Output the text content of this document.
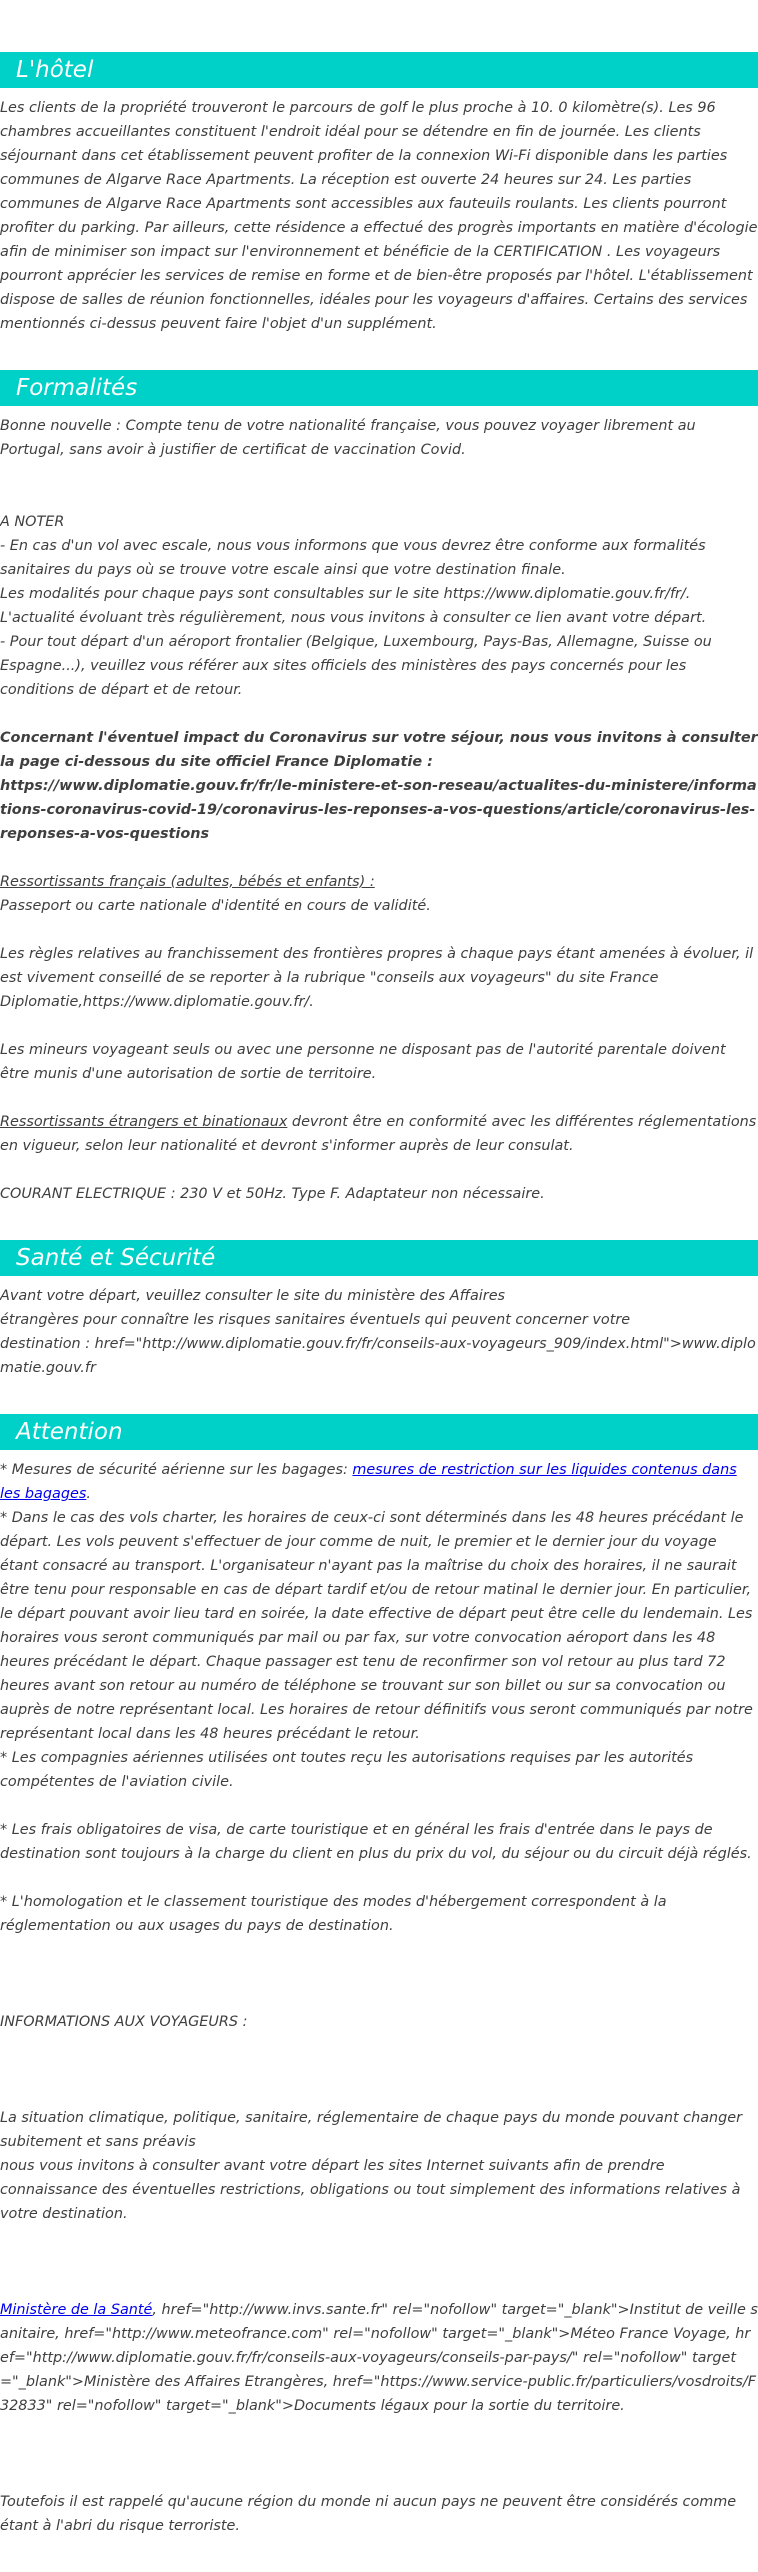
L'hôtel

Les clients de la propriété trouveront le parcours de golf le plus proche à 10. 0 kilomètre(s). Les 96 chambres accueillantes constituent l'endroit idéal pour se détendre en fin de journée. Les clients séjournant dans cet établissement peuvent profiter de la connexion Wi-Fi disponible dans les parties communes de Algarve Race Apartments. La réception est ouverte 24 heures sur 24. Les parties communes de Algarve Race Apartments sont accessibles aux fauteuils roulants. Les clients pourront profiter du parking. Par ailleurs, cette résidence a effectué des progrès importants en matière d'écologie afin de minimiser son impact sur l'environnement et bénéficie de la CERTIFICATION . Les voyageurs pourront apprécier les services de remise en forme et de bien-être proposés par l'hôtel. L'établissement dispose de salles de réunion fonctionnelles, idéales pour les voyageurs d'affaires. Certains des services mentionnés ci-dessus peuvent faire l'objet d'un supplément.

Formalités

Bonne nouvelle : Compte tenu de votre nationalité française, vous pouvez voyager librement au Portugal, sans avoir à justifier de certificat de vaccination Covid.

A NOTER

- En cas d'un vol avec escale, nous vous informons que vous devrez être conforme aux formalités sanitaires du pays où se trouve votre escale ainsi que votre destination finale.

Les modalités pour chaque pays sont consultables sur le site https://www.diplomatie.gouv.fr/fr/. L'actualité évoluant très régulièrement, nous vous invitons à consulter ce lien avant votre départ.

- Pour tout départ d'un aéroport frontalier (Belgique, Luxembourg, Pays-Bas, Allemagne, Suisse ou Espagne...), veuillez vous référer aux sites officiels des ministères des pays concernés pour les conditions de départ et de retour.

Concernant l'éventuel impact du Coronavirus sur votre séjour, nous vous invitons à consulter la page ci-dessous du site officiel France Diplomatie :

https://www.diplomatie.gouv.fr/fr/le-ministere-et-son-reseau/actualites-du-ministere/informations-coronavirus-covid-19/coronavirus-les-reponses-a-vos-questions/article/coronavirus-les-reponses-a-vos-questions

Ressortissants français (adultes, bébés et enfants) :

Passeport ou carte nationale d'identité en cours de validité.

Les règles relatives au franchissement des frontières propres à chaque pays étant amenées à évoluer, il est vivement conseillé de se reporter à la rubrique "conseils aux voyageurs" du site France Diplomatie,https://www.diplomatie.gouv.fr/.

Les mineurs voyageant seuls ou avec une personne ne disposant pas de l'autorité parentale doivent être munis d'une autorisation de sortie de territoire.

Ressortissants étrangers et binationaux devront être en conformité avec les différentes réglementations en vigueur, selon leur nationalité et devront s'informer auprès de leur consulat.

COURANT ELECTRIQUE : 230 V et 50Hz. Type F. Adaptateur non nécessaire.

Santé et Sécurité

Avant votre départ, veuillez consulter le site du ministère des Affaires

étrangères pour connaître les risques sanitaires éventuels qui peuvent concerner votre

destination : href="http://www.diplomatie.gouv.fr/fr/conseils-aux-voyageurs_909/index.html">www.diplomatie.gouv.fr

Attention

* Mesures de sécurité aérienne sur les bagages: mesures de restriction sur les liquides contenus dans les bagages.

* Dans le cas des vols charter, les horaires de ceux-ci sont déterminés dans les 48 heures précédant le départ. Les vols peuvent s'effectuer de jour comme de nuit, le premier et le dernier jour du voyage étant consacré au transport. L'organisateur n'ayant pas la maîtrise du choix des horaires, il ne saurait être tenu pour responsable en cas de départ tardif et/ou de retour matinal le dernier jour. En particulier, le départ pouvant avoir lieu tard en soirée, la date effective de départ peut être celle du lendemain. Les horaires vous seront communiqués par mail ou par fax, sur votre convocation aéroport dans les 48 heures précédant le départ. Chaque passager est tenu de reconfirmer son vol retour au plus tard 72 heures avant son retour au numéro de téléphone se trouvant sur son billet ou sur sa convocation ou auprès de notre représentant local. Les horaires de retour définitifs vous seront communiqués par notre représentant local dans les 48 heures précédant le retour.

* Les compagnies aériennes utilisées ont toutes reçu les autorisations requises par les autorités compétentes de l'aviation civile.

* Les frais obligatoires de visa, de carte touristique et en général les frais d'entrée dans le pays de destination sont toujours à la charge du client en plus du prix du vol, du séjour ou du circuit déjà réglés.

* L'homologation et le classement touristique des modes d'hébergement correspondent à la réglementation ou aux usages du pays de destination.

INFORMATIONS AUX VOYAGEURS :

La situation climatique, politique, sanitaire, réglementaire de chaque pays du monde pouvant changer subitement et sans préavis

nous vous invitons à consulter avant votre départ les sites Internet suivants afin de prendre connaissance des éventuelles restrictions, obligations ou tout simplement des informations relatives à votre destination.

Ministère de la Santé, href="http://www.invs.sante.fr" rel="nofollow" target="_blank">Institut de veille sanitaire, href="http://www.meteofrance.com" rel="nofollow" target="_blank">Méteo France Voyage, href="http://www.diplomatie.gouv.fr/fr/conseils-aux-voyageurs/conseils-par-pays/" rel="nofollow" target="_blank">Ministère des Affaires Etrangères, href="https://www.service-public.fr/particuliers/vosdroits/F32833" rel="nofollow" target="_blank">Documents légaux pour la sortie du territoire.

Toutefois il est rappelé qu'aucune région du monde ni aucun pays ne peuvent être considérés comme étant à l'abri du risque terroriste.
